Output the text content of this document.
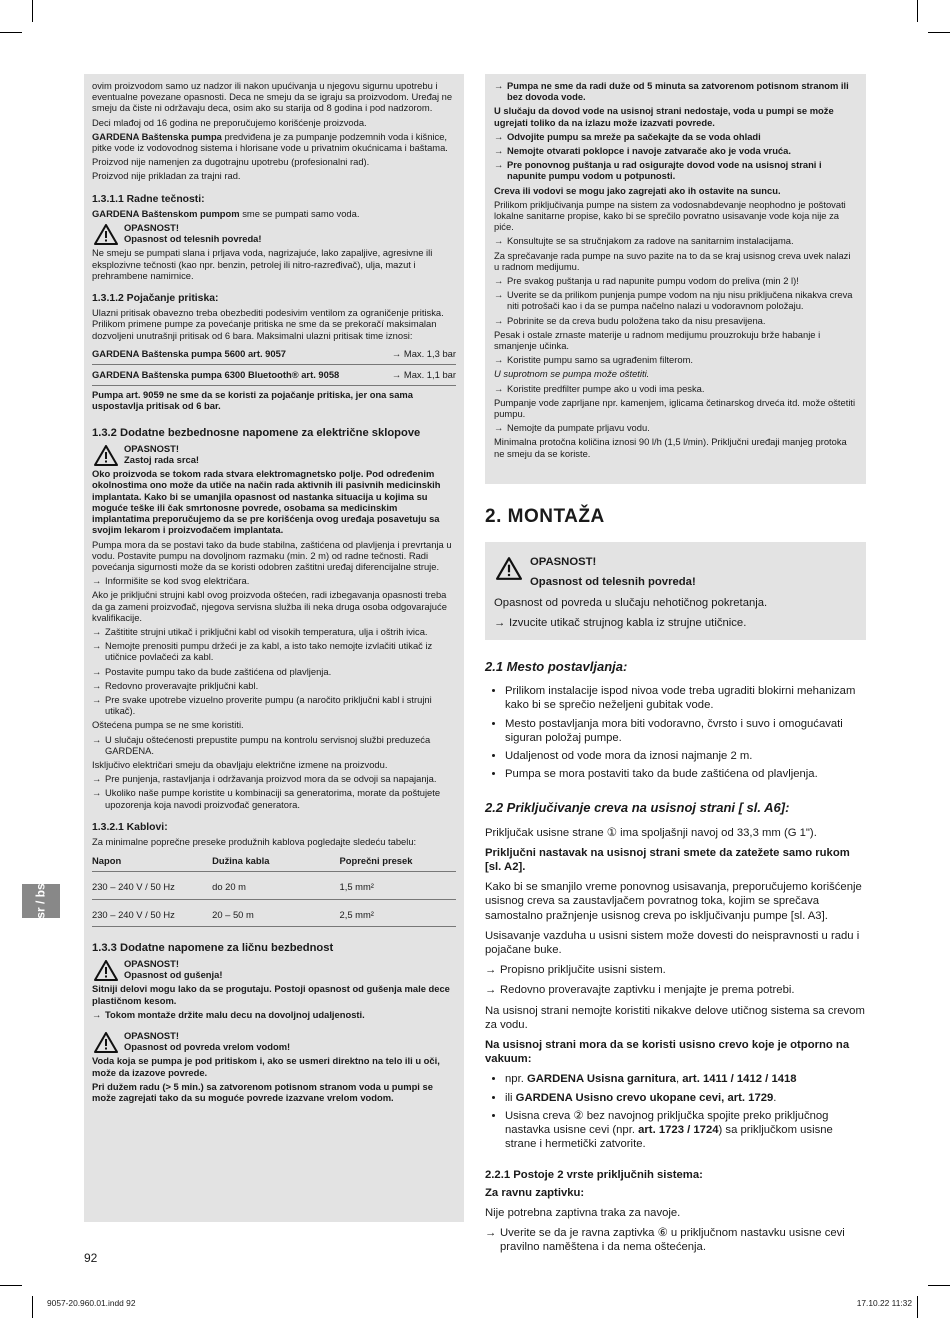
ovim proizvodom samo uz nadzor ili nakon upućivanja u njegovu sigurnu upotrebu i eventualne povezane opasnosti. Deca ne smeju da se igraju sa proizvodom. Uređaj ne smeju da čiste ni održavaju deca, osim ako su starija od 8 godina i pod nadzorom.

Deci mlađoj od 16 godina ne preporučujemo korišćenje proizvoda.

GARDENA Baštenska pumpa predviđena je za pumpanje podzemnih voda i kišnice, pitke vode iz vodovodnog sistema i hlorisane vode u privatnim okućnicama i baštama.

Proizvod nije namenjen za dugotrajnu upotrebu (profesionalni rad).

Proizvod nije prikladan za trajni rad.

1.3.1.1 Radne tečnosti:

GARDENA Baštenskom pumpom sme se pumpati samo voda.

OPASNOST!
Opasnost od telesnih povreda!

Ne smeju se pumpati slana i prljava voda, nagrizajuće, lako zapaljive, agresivne ili eksplozivne tečnosti (kao npr. benzin, petrolej ili nitro-razređivač), ulja, mazut i prehrambene namirnice.

1.3.1.2 Pojačanje pritiska:

Ulazni pritisak obavezno treba obezbediti podesivim ventilom za ograničenje pritiska. Prilikom primene pumpe za povećanje pritiska ne sme da se prekoračí maksimalan dozvoljeni unutrašnji pritisak od 6 bara. Maksimalni ulazni pritisak time iznosi:

GARDENA Baštenska pumpa 5600 art. 9057	→ Max. 1,3 bar
GARDENA Baštenska pumpa 6300 Bluetooth® art. 9058	→ Max. 1,1 bar

Pumpa art. 9059 ne sme da se koristi za pojačanje pritiska, jer ona sama uspostavlja pritisak od 6 bar.

1.3.2 Dodatne bezbednosne napomene za električne sklopove
OPASNOST!
Zastoj rada srca!

Oko proizvoda se tokom rada stvara elektromagnetsko polje. Pod određenim okolnostima ono može da utiče na način rada aktivnih ili pasivnih medicinskih implantata. Kako bi se umanjila opasnost od nastanka situacija u kojima su moguće teške ili čak smrtonosne povrede, osobama sa medicinskim implantatima preporučujemo da se pre korišćenja ovog uređaja posavetuju sa svojim lekarom i proizvođačem implantata.

Pumpa mora da se postavi tako da bude stabilna, zaštićena od plavljenja i prevrtanja u vodu. Postavite pumpu na dovoljnom razmaku (min. 2 m) od radne tečnosti. Radi povećanja sigurnosti može da se koristi odobren zaštitni uređaj diferencijalne struje.

→ Informišite se kod svog električara.

Ako je priključni strujni kabl ovog proizvoda oštećen, radi izbegavanja opasnosti treba da ga zameni proizvođač, njegova servisna služba ili neka druga osoba odgovarajuće kvalifikacije.

→ Zaštitite strujni utikač i priključni kabl od visokih temperatura, ulja i oštrih ivica.

→ Nemojte prenositi pumpu držeći je za kabl, a isto tako nemojte izvlačiti utikač iz utičnice povlačeći za kabl.

→ Postavite pumpu tako da bude zaštićena od plavljenja.

→ Redovno proveravajte priključni kabl.

→ Pre svake upotrebe vizuelno proverite pumpu (a naročito priključni kabl i strujni utikač).

Oštećena pumpa se ne sme koristiti.

→ U slučaju oštećenosti prepustite pumpu na kontrolu servisnoj službi preduzeća GARDENA.

Isključivo električari smeju da obavljaju električne izmene na proizvodu.

→ Pre punjenja, rastavljanja i održavanja proizvod mora da se odvoji sa napajanja.

→ Ukoliko naše pumpe koristite u kombinaciji sa generatorima, morate da poštujete upozorenja koja navodi proizvođač generatora.

1.3.2.1 Kablovi:

Za minimalne poprečne preseke produžnih kablova pogledajte sledeću tabelu:

Napon	Dužina kabla	Poprečni presek
230 – 240 V / 50 Hz	do 20 m	1,5 mm²
230 – 240 V / 50 Hz	20 – 50 m	2,5 mm²
1.3.3 Dodatne napomene za ličnu bezbednost
OPASNOST!
Opasnost od gušenja!

Sitniji delovi mogu lako da se progutaju. Postoji opasnost od gušenja male dece plastičnom kesom.

→ Tokom montaže držite malu decu na dovoljnoj udaljenosti.

OPASNOST!
Opasnost od povreda vrelom vodom!

Voda koja se pumpa je pod pritiskom i, ako se usmeri direktno na telo ili u oči, može da izazove povrede.

Pri dužem radu (> 5 min.) sa zatvorenom potisnom stranom voda u pumpi se može zagrejati tako da su moguće povrede izazvane vrelom vodom.

→ Pumpa ne sme da radi duže od 5 minuta sa zatvorenom potisnom stranom ili bez dovoda vode.

U slučaju da dovod vode na usisnoj strani nedostaje, voda u pumpi se može ugrejati toliko da na izlazu može izazvati povrede.

→ Odvojite pumpu sa mreže pa sačekajte da se voda ohladi

→ Nemojte otvarati poklopce i navoje zatvarače ako je voda vruća.

→ Pre ponovnog puštanja u rad osigurajte dovod vode na usisnoj strani i napunite pumpu vodom u potpunosti.

Creva ili vodovi se mogu jako zagrejati ako ih ostavite na suncu.

Prilikom priključivanja pumpe na sistem za vodosnabdevanje neophodno je poštovati lokalne sanitarne propise, kako bi se sprečilo povratno usisavanje vode koja nije za piće.

→ Konsultujte se sa stručnjakom za radove na sanitarnim instalacijama.

Za sprečavanje rada pumpe na suvo pazite na to da se kraj usisnog creva uvek nalazi u radnom medijumu.

→ Pre svakog puštanja u rad napunite pumpu vodom do preliva (min 2 l)!

→ Uverite se da prilikom punjenja pumpe vodom na nju nisu priključena nikakva creva niti potrošači kao i da se pumpa načelno nalazi u vodoravnom položaju.

→ Pobrinite se da creva budu položena tako da nisu presavijena.

Pesak i ostale zrnaste materije u radnom medijumu prouzrokuju brže habanje i smanjenje učinka.

→ Koristite pumpu samo sa ugrađenim filterom.

U suprotnom se pumpa može oštetiti.

→ Koristite predfilter pumpe ako u vodi ima peska.

Pumpanje vode zaprljane npr. kamenjem, iglicama četinarskog drveća itd. može oštetiti pumpu.

→ Nemojte da pumpate prljavu vodu.

Minimalna protočna količina iznosi 90 l/h (1,5 l/min). Priključni uređaji manjeg protoka ne smeju da se koriste.

2. MONTAŽA
OPASNOST!
Opasnost od telesnih povreda!

Opasnost od povreda u slučaju nehotičnog pokretanja.

→ Izvucite utikač strujnog kabla iz strujne utičnice.

2.1 Mesto postavljanja:
• Prilikom instalacije ispod nivoa vode treba ugraditi blokirni mehanizam kako bi se sprečio neželjeni gubitak vode.
• Mesto postavljanja mora biti vodoravno, čvrsto i suvo i omogućavati siguran položaj pumpe.
• Udaljenost od vode mora da iznosi najmanje 2 m.
• Pumpa se mora postaviti tako da bude zaštićena od plavljenja.
2.2 Priključivanje creva na usisnoj strani [ sl. A6]:

Priključak usisne strane ① ima spoljašnji navoj od 33,3 mm (G 1").

Priključni nastavak na usisnoj strani smete da zatežete samo rukom [sl. A2].

Kako bi se smanjilo vreme ponovnog usisavanja, preporučujemo korišćenje usisnog creva sa zaustavljačem povratnog toka, kojim se sprečava samostalno pražnjenje usisnog creva po isključivanju pumpe [sl. A3].

Usisavanje vazduha u usisni sistem može dovesti do neispravnosti u radu i pojačane buke.

→ Propisno priključite usisni sistem.

→ Redovno proveravajte zaptivku i menjajte je prema potrebi.

Na usisnoj strani nemojte koristiti nikakve delove utičnog sistema sa crevom za vodu.

Na usisnoj strani mora da se koristi usisno crevo koje je otporno na vakuum:

• npr. GARDENA Usisna garnitura, art. 1411 / 1412 / 1418
• ili GARDENA Usisno crevo ukopane cevi, art. 1729.
• Usisna creva ② bez navojnog priključka spojite preko priključnog nastavka usisne cevi (npr. art. 1723 / 1724) sa priključkom usisne strane i hermetički zatvorite.
2.2.1 Postoje 2 vrste priključnih sistema:

Za ravnu zaptivku:

Nije potrebna zaptivna traka za navoje.

→ Uverite se da je ravna zaptivka ⑥ u priključnom nastavku usisne cevi pravilno naměštena i da nema oštećenja.

sr / bs
92
9057-20.960.01.indd 92	17.10.22 11:32
